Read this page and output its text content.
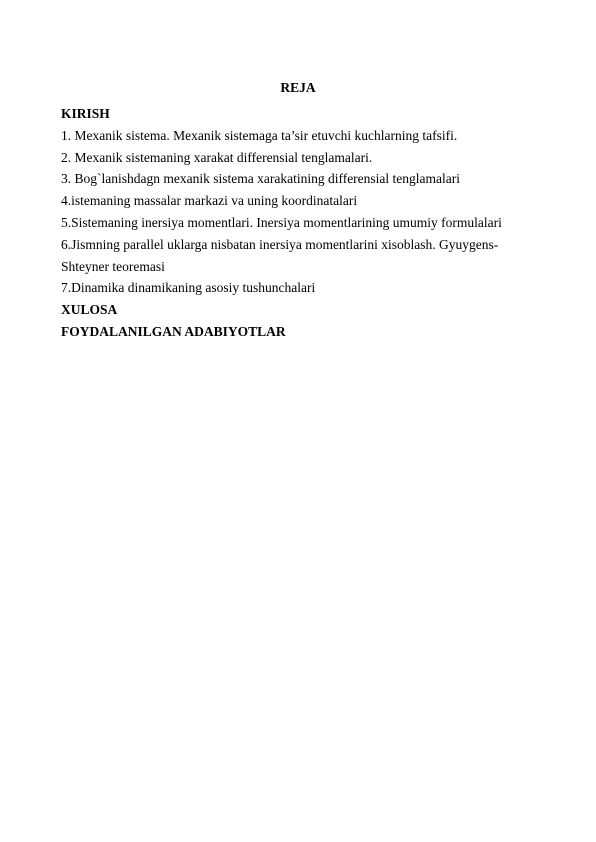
REJA
KIRISH
1. Mexanik sistema. Mexanik sistemaga ta’sir etuvchi kuchlarning tafsifi.
2. Mexanik sistemaning xarakat differensial tenglamalari.
3. Bog`lanishdagn mexanik sistema xarakatining differensial tenglamalari
4.istemaning massalar markazi va uning koordinatalari
5.Sistemaning inersiya momentlari. Inersiya momentlarining umumiy formulalari
6.Jismning parallel uklarga nisbatan inersiya momentlarini xisoblash. Gyuygens-
Shteyner teoremasi
7.Dinamika dinamikaning asosiy tushunchalari
XULOSA
FOYDALANILGAN ADABIYOTLAR
